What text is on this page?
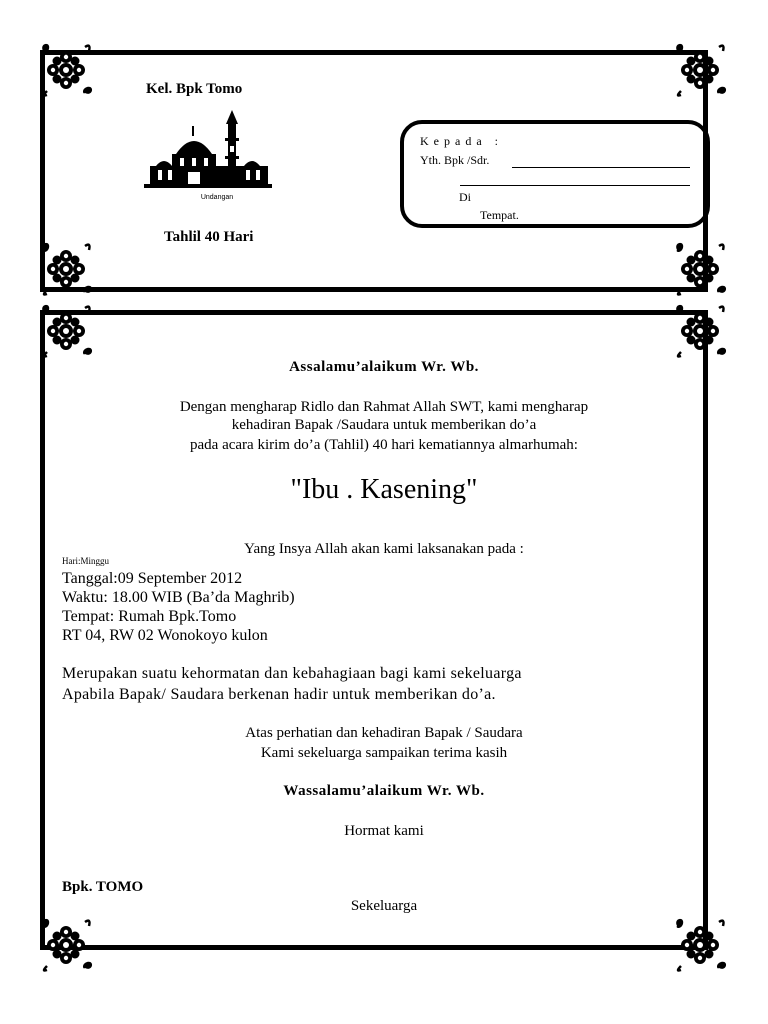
Kel. Bpk Tomo
Undangan
Tahlil 40 Hari
K e p a d a   :
Yth. Bpk /Sdr.
Di
Tempat.
Assalamu’alaikum Wr. Wb.
Dengan mengharap Ridlo dan Rahmat Allah SWT, kami mengharap
kehadiran Bapak /Saudara untuk memberikan do’a
pada acara kirim do’a (Tahlil) 40 hari kematiannya almarhumah:
"Ibu . Kasening"
Yang Insya Allah akan kami laksanakan pada :
Hari:Minggu
Tanggal:09 September 2012
Waktu: 18.00 WIB (Ba’da Maghrib)
Tempat: Rumah Bpk.Tomo
RT 04, RW 02 Wonokoyo kulon
Merupakan suatu kehormatan dan kebahagiaan bagi kami sekeluarga
Apabila Bapak/ Saudara berkenan hadir untuk memberikan do’a.
Atas perhatian dan kehadiran Bapak / Saudara
Kami sekeluarga sampaikan terima kasih
Wassalamu’alaikum Wr. Wb.
Hormat kami
Bpk. TOMO
Sekeluarga
